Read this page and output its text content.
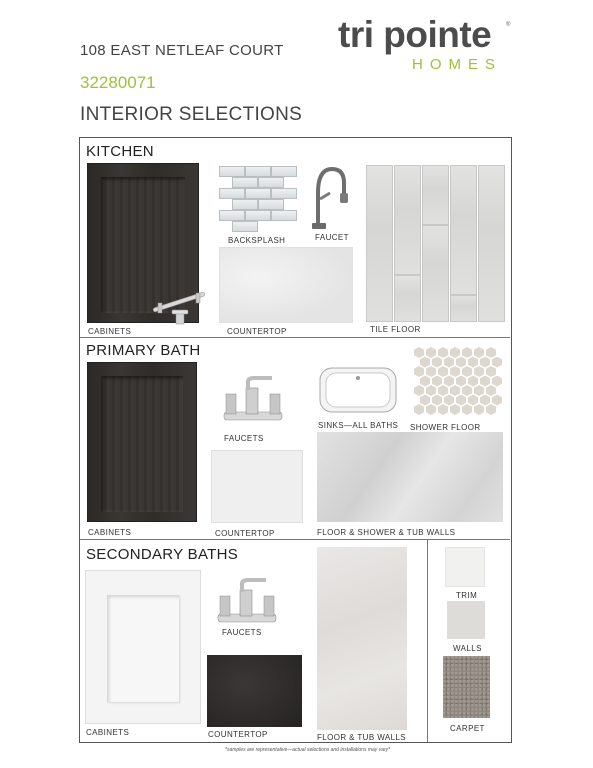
108 EAST NETLEAF COURT
32280071
INTERIOR SELECTIONS
tri pointe ®
HOMES
KITCHEN
CABINETS
BACKSPLASH	FAUCET
COUNTERTOP	TILE FLOOR
PRIMARY BATH
CABINETS
FAUCETS
SINKS—ALL BATHS SHOWER FLOOR
COUNTERTOP	FLOOR & SHOWER & TUB WALLS
SECONDARY BATHS
CABINETS
FAUCETS
COUNTERTOP	FLOOR & TUB WALLS
TRIM
WALLS
CARPET
*samples are representative—actual selections and installations may vary*
